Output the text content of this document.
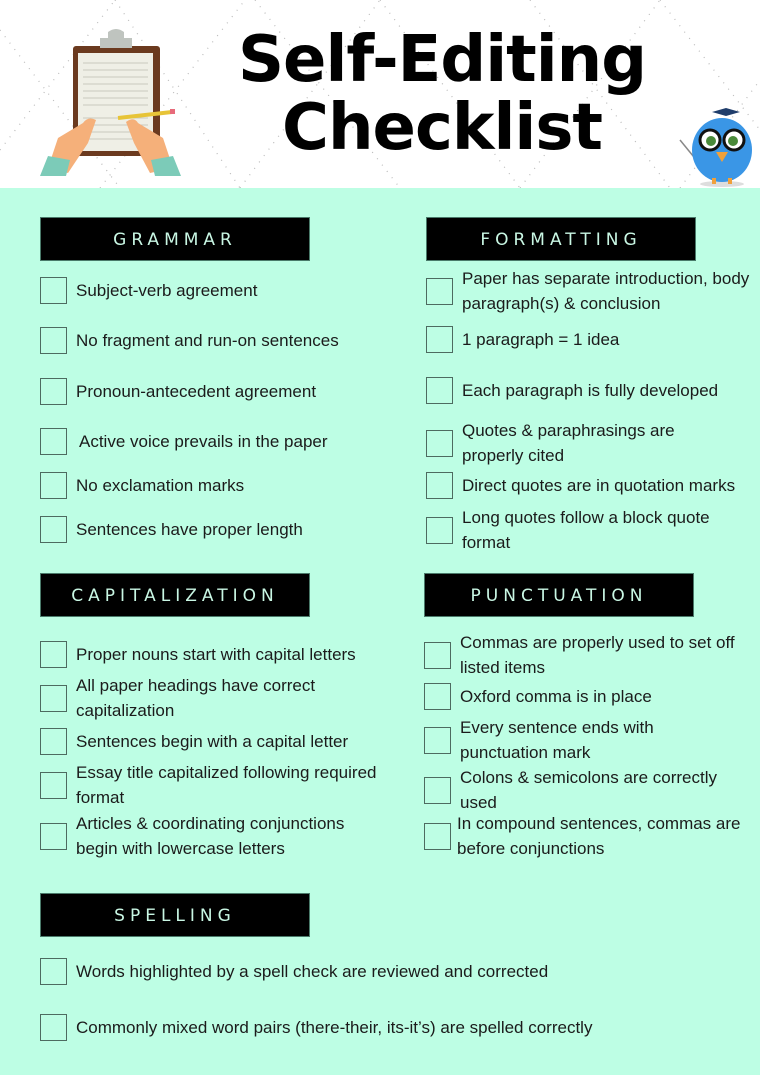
Self-Editing
Checklist
GRAMMAR
Subject-verb agreement
No fragment and run-on sentences
Pronoun-antecedent agreement
Active voice prevails in the paper
No exclamation marks
Sentences have proper length
FORMATTING
Paper has separate introduction, body paragraph(s) & conclusion
1 paragraph = 1 idea
Each paragraph is fully developed
Quotes & paraphrasings are properly cited
Direct quotes are in quotation marks
Long quotes follow a block quote format
CAPITALIZATION
Proper nouns start with capital letters
All paper headings have correct capitalization
Sentences begin with a capital letter
Essay title capitalized following required format
Articles & coordinating conjunctions begin with lowercase letters
PUNCTUATION
Commas are properly used to set off listed items
Oxford comma is in place
Every sentence ends with punctuation mark
Colons & semicolons are correctly used
In compound sentences, commas are before conjunctions
SPELLING
Words highlighted by a spell check are reviewed and corrected
Commonly mixed word pairs (there-their, its-it’s) are spelled correctly
